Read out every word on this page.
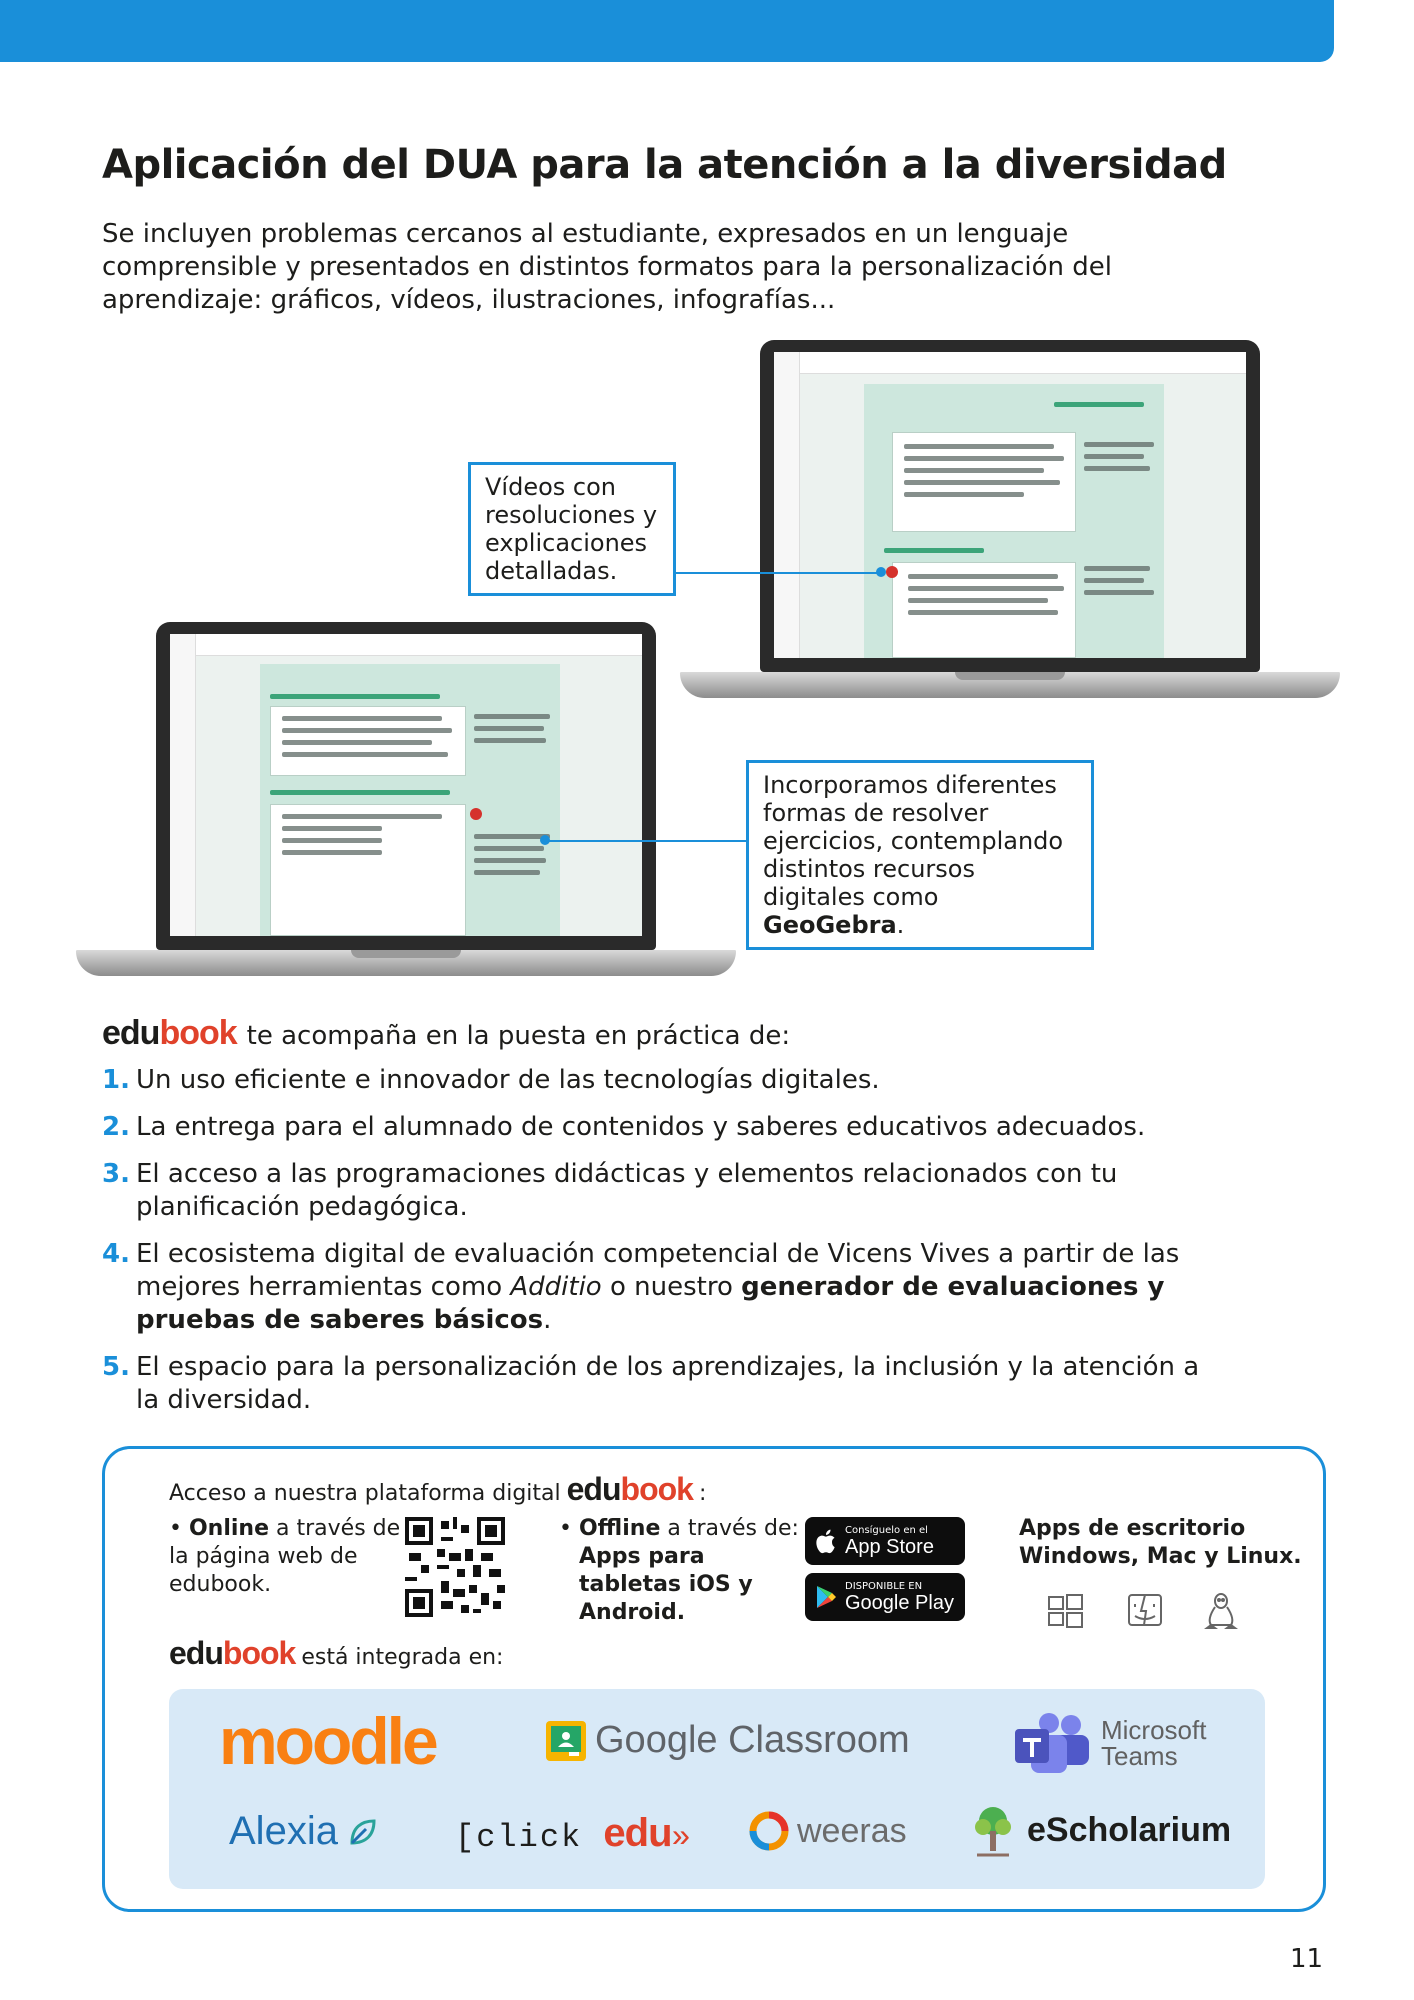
Aplicación del DUA para la atención a la diversidad

Se incluyen problemas cercanos al estudiante, expresados en un lenguaje comprensible y presentados en distintos formatos para la personalización del aprendizaje: gráficos, vídeos, ilustraciones, infografías...

Vídeos con resoluciones y explicaciones detalladas.
Incorporamos diferentes formas de resolver ejercicios, contemplando distintos recursos digitales como GeoGebra.
edubook te acompaña en la puesta en práctica de:
1. Un uso eficiente e innovador de las tecnologías digitales.
2. La entrega para el alumnado de contenidos y saberes educativos adecuados.
3. El acceso a las programaciones didácticas y elementos relacionados con tu planificación pedagógica.
4. El ecosistema digital de evaluación competencial de Vicens Vives a partir de las mejores herramientas como Additio o nuestro generador de evaluaciones y pruebas de saberes básicos.
5. El espacio para la personalización de los aprendizajes, la inclusión y la atención a la diversidad.
Acceso a nuestra plataforma digital edubook :
• Online a través de la página web de edubook.
• Offline a través de:
Apps para tabletas iOS y Android.
Consíguelo en el
App Store
DISPONIBLE EN
Google Play
Apps de escritorio Windows, Mac y Linux.
edubook está integrada en:
moodle	Google Classroom	Microsoft
Teams
Alexia	[click edu»	weeras	eScholarium
11
